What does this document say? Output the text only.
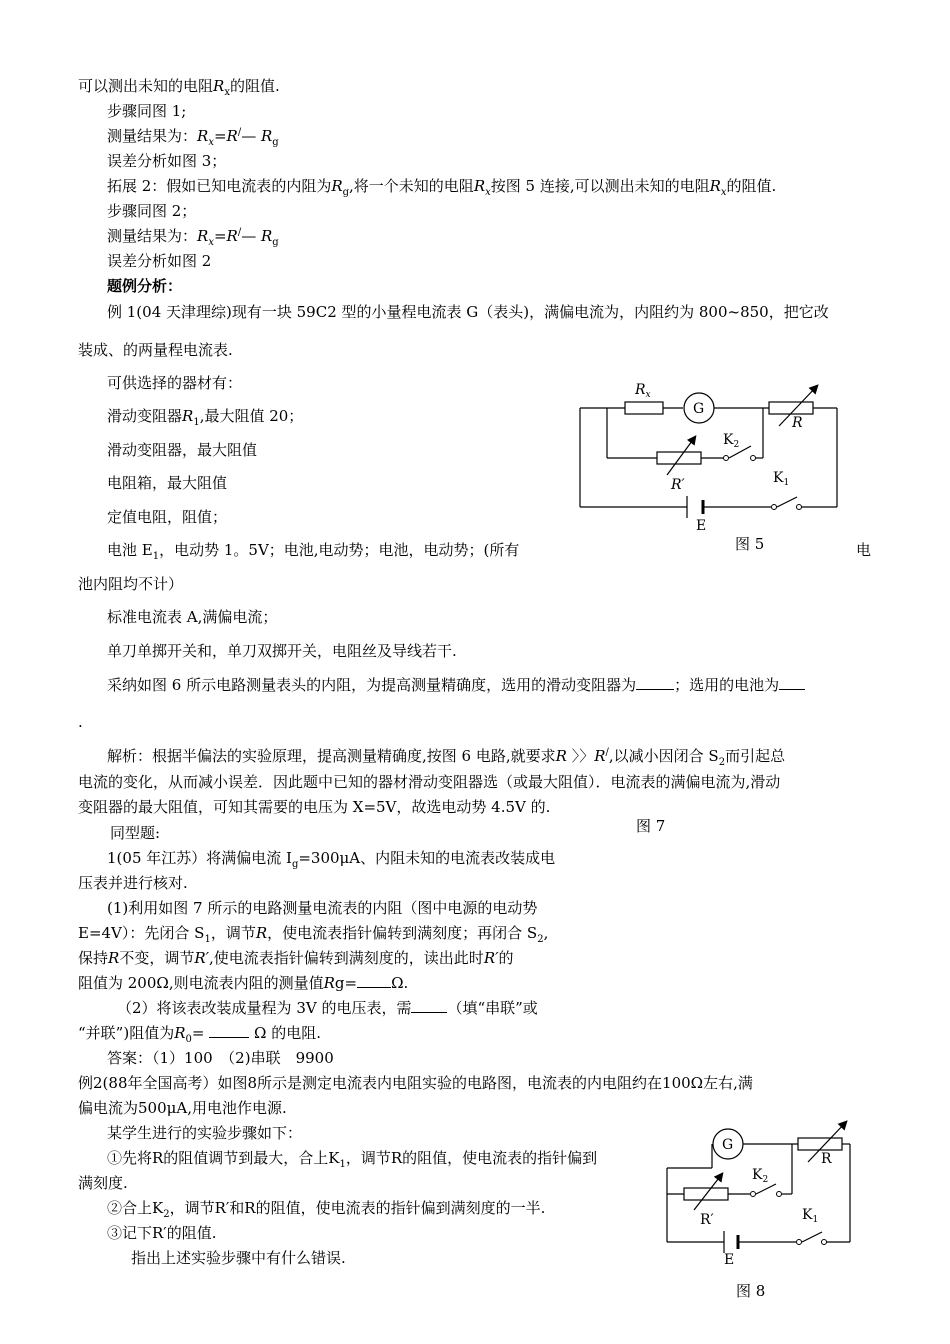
可以测出未知的电阻$R_x$的阻值.
步骤同图 1;
测量结果为：$R_x=R^/—$ $R_g$
误差分析如图 3；
拓展 2：假如已知电流表的内阻为$R_g$,将一个未知的电阻$R_x$按图 5 连接,可以测出未知的电阻$R_x$的阻值.
步骤同图 2；
测量结果为：$R_x=R^/—$ $R_g$
误差分析如图 2
题例分析：
例 1(04 天津理综)现有一块 59C2 型的小量程电流表 G（表头)，满偏电流为，内阻约为 800~850，把它改
装成、的两量程电流表.
可供选择的器材有：
滑动变阻器$R_1$,最大阻值 20；
滑动变阻器，最大阻值
电阻箱，最大阻值
定值电阻，阻值；
电池 $E_1$，电动势 1。5V；电池,电动势；电池，电动势；(所有	电
池内阻均不计）
标准电流表 A,满偏电流；
单刀单掷开关和，单刀双掷开关，电阻丝及导线若干.
采纳如图 6 所示电路测量表头的内阻，为提高测量精确度，选用的滑动变阻器为	；选用的电池为
.
解析：根据半偏法的实验原理，提高测量精确度,按图 6 电路,就要求R 〉〉R/,以减小因闭合 $S_2$而引起总
电流的变化，从而减小误差．因此题中已知的器材滑动变阻器选（或最大阻值）．电流表的满偏电流为,滑动
变阻器的最大阻值，可知其需要的电压为 X=5V，故选电动势 4.5V 的.
图 7
同型题:
1(05 年江苏）将满偏电流 $I_g=300\mu A$、内阻未知的电流表改装成电
压表并进行核对.
(1)利用如图 7 所示的电路测量电流表的内阻（图中电源的电动势
E=4V）：先闭合 $S_1$，调节R，使电流表指针偏转到满刻度；再闭合 $S_2$,
保持R不变，调节R′,使电流表指针偏转到满刻度的，读出此时R′的
阻值为 200Ω,则电流表内阻的测量值Rg= Ω.
（2）将该表改装成量程为 3V 的电压表，需 （填“串联”或
“并联”)阻值为$R_0=$	Ω 的电阻.
答案：（1）100　（2)串联　9900
例2(88年全国高考）如图8所示是测定电流表内电阻实验的电路图，电流表的内电阻约在100Ω左右,满
偏电流为500μA,用电池作电源.
某学生进行的实验步骤如下：
①先将R的阻值调节到最大，合上$K_1$，调节R的阻值，使电流表的指针偏到
满刻度.
②合上$K_2$，调节R′和R的阻值，使电流表的指针偏到满刻度的一半.
③记下R′的阻值.
指出上述实验步骤中有什么错误.
$R_x$
G
R
$K_2$
R′	$K_1$
E
图 5
G
R
$K_2$
R′	$K_1$
E
图 8
